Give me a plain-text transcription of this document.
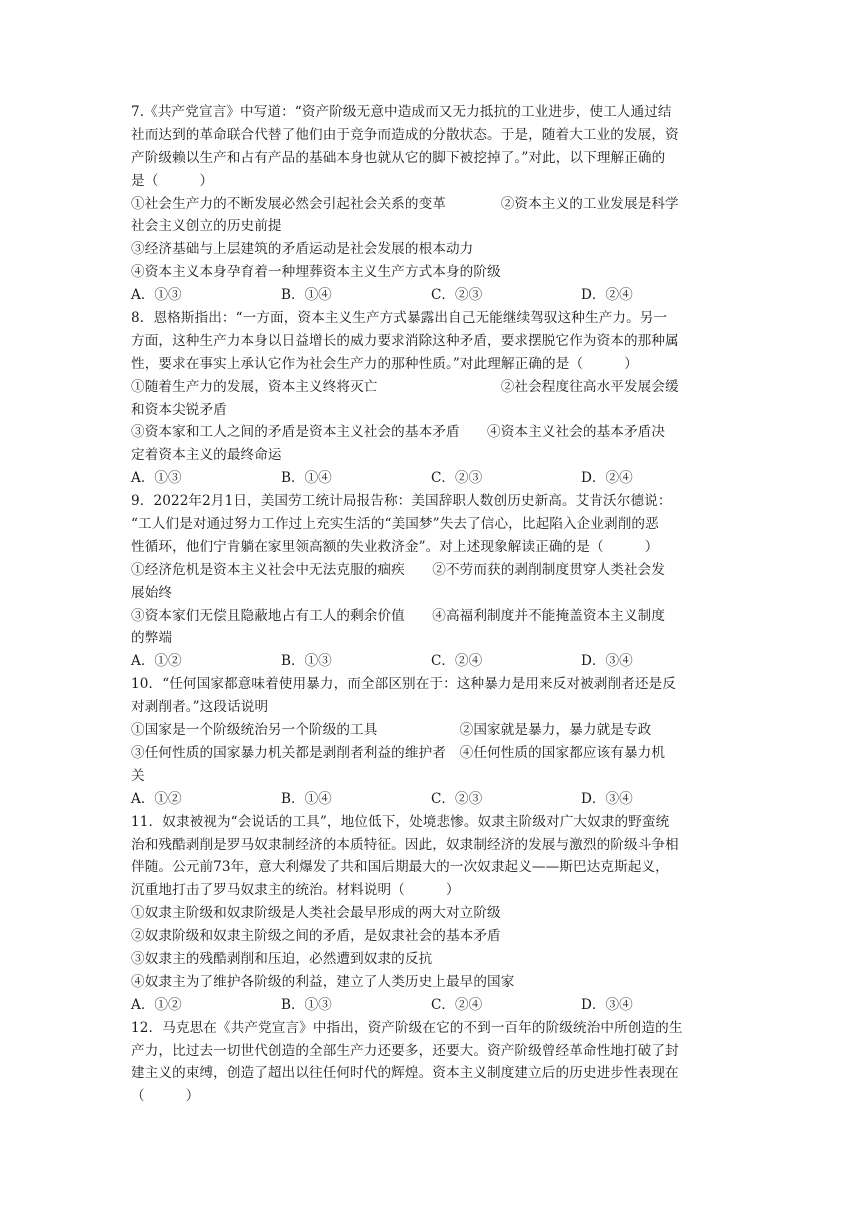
7.《共产党宣言》中写道：“资产阶级无意中造成而又无力抵抗的工业进步，使工人通过结
社而达到的革命联合代替了他们由于竞争而造成的分散状态。于是，随着大工业的发展，资
产阶级赖以生产和占有产品的基础本身也就从它的脚下被挖掉了。”对此，以下理解正确的
是（　　　）
①社会生产力的不断发展必然会引起社会关系的变革　　　　②资本主义的工业发展是科学
社会主义创立的历史前提
③经济基础与上层建筑的矛盾运动是社会发展的根本动力
④资本主义本身孕育着一种埋葬资本主义生产方式本身的阶级
A．①③	B．①④	C．②③	D．②④
8．恩格斯指出：“一方面，资本主义生产方式暴露出自己无能继续驾驭这种生产力。另一
方面，这种生产力本身以日益增长的威力要求消除这种矛盾，要求摆脱它作为资本的那种属
性，要求在事实上承认它作为社会生产力的那种性质。”对此理解正确的是（　　　）
①随着生产力的发展，资本主义终将灭亡　　　　　　　　　②社会程度往高水平发展会缓
和资本尖锐矛盾
③资本家和工人之间的矛盾是资本主义社会的基本矛盾　　④资本主义社会的基本矛盾决
定着资本主义的最终命运
A．①③	B．①④	C．②③	D．②④
9．2022年2月1日，美国劳工统计局报告称：美国辞职人数创历史新高。艾肯沃尔德说：
“工人们是对通过努力工作过上充实生活的“美国梦”失去了信心，比起陷入企业剥削的恶
性循环，他们宁肯躺在家里领高额的失业救济金”。对上述现象解读正确的是（　　　）
①经济危机是资本主义社会中无法克服的痼疾　　②不劳而获的剥削制度贯穿人类社会发
展始终
③资本家们无偿且隐蔽地占有工人的剩余价值　　④高福利制度并不能掩盖资本主义制度
的弊端
A．①②	B．①③	C．②④	D．③④
10．“任何国家都意味着使用暴力，而全部区别在于：这种暴力是用来反对被剥削者还是反
对剥削者。”这段话说明
①国家是一个阶级统治另一个阶级的工具　　　　　　②国家就是暴力，暴力就是专政
③任何性质的国家暴力机关都是剥削者利益的维护者　④任何性质的国家都应该有暴力机
关
A．①②	B．①④	C．②③	D．③④
11．奴隶被视为“会说话的工具”，地位低下，处境悲惨。奴隶主阶级对广大奴隶的野蛮统
治和残酷剥削是罗马奴隶制经济的本质特征。因此，奴隶制经济的发展与激烈的阶级斗争相
伴随。公元前73年，意大利爆发了共和国后期最大的一次奴隶起义——斯巴达克斯起义，
沉重地打击了罗马奴隶主的统治。材料说明（　　　）
①奴隶主阶级和奴隶阶级是人类社会最早形成的两大对立阶级
②奴隶阶级和奴隶主阶级之间的矛盾，是奴隶社会的基本矛盾
③奴隶主的残酷剥削和压迫，必然遭到奴隶的反抗
④奴隶主为了维护各阶级的利益，建立了人类历史上最早的国家
A．①②	B．①③	C．②④	D．③④
12．马克思在《共产党宣言》中指出，资产阶级在它的不到一百年的阶级统治中所创造的生
产力，比过去一切世代创造的全部生产力还要多，还要大。资产阶级曾经革命性地打破了封
建主义的束缚，创造了超出以往任何时代的辉煌。资本主义制度建立后的历史进步性表现在
（　　　）
